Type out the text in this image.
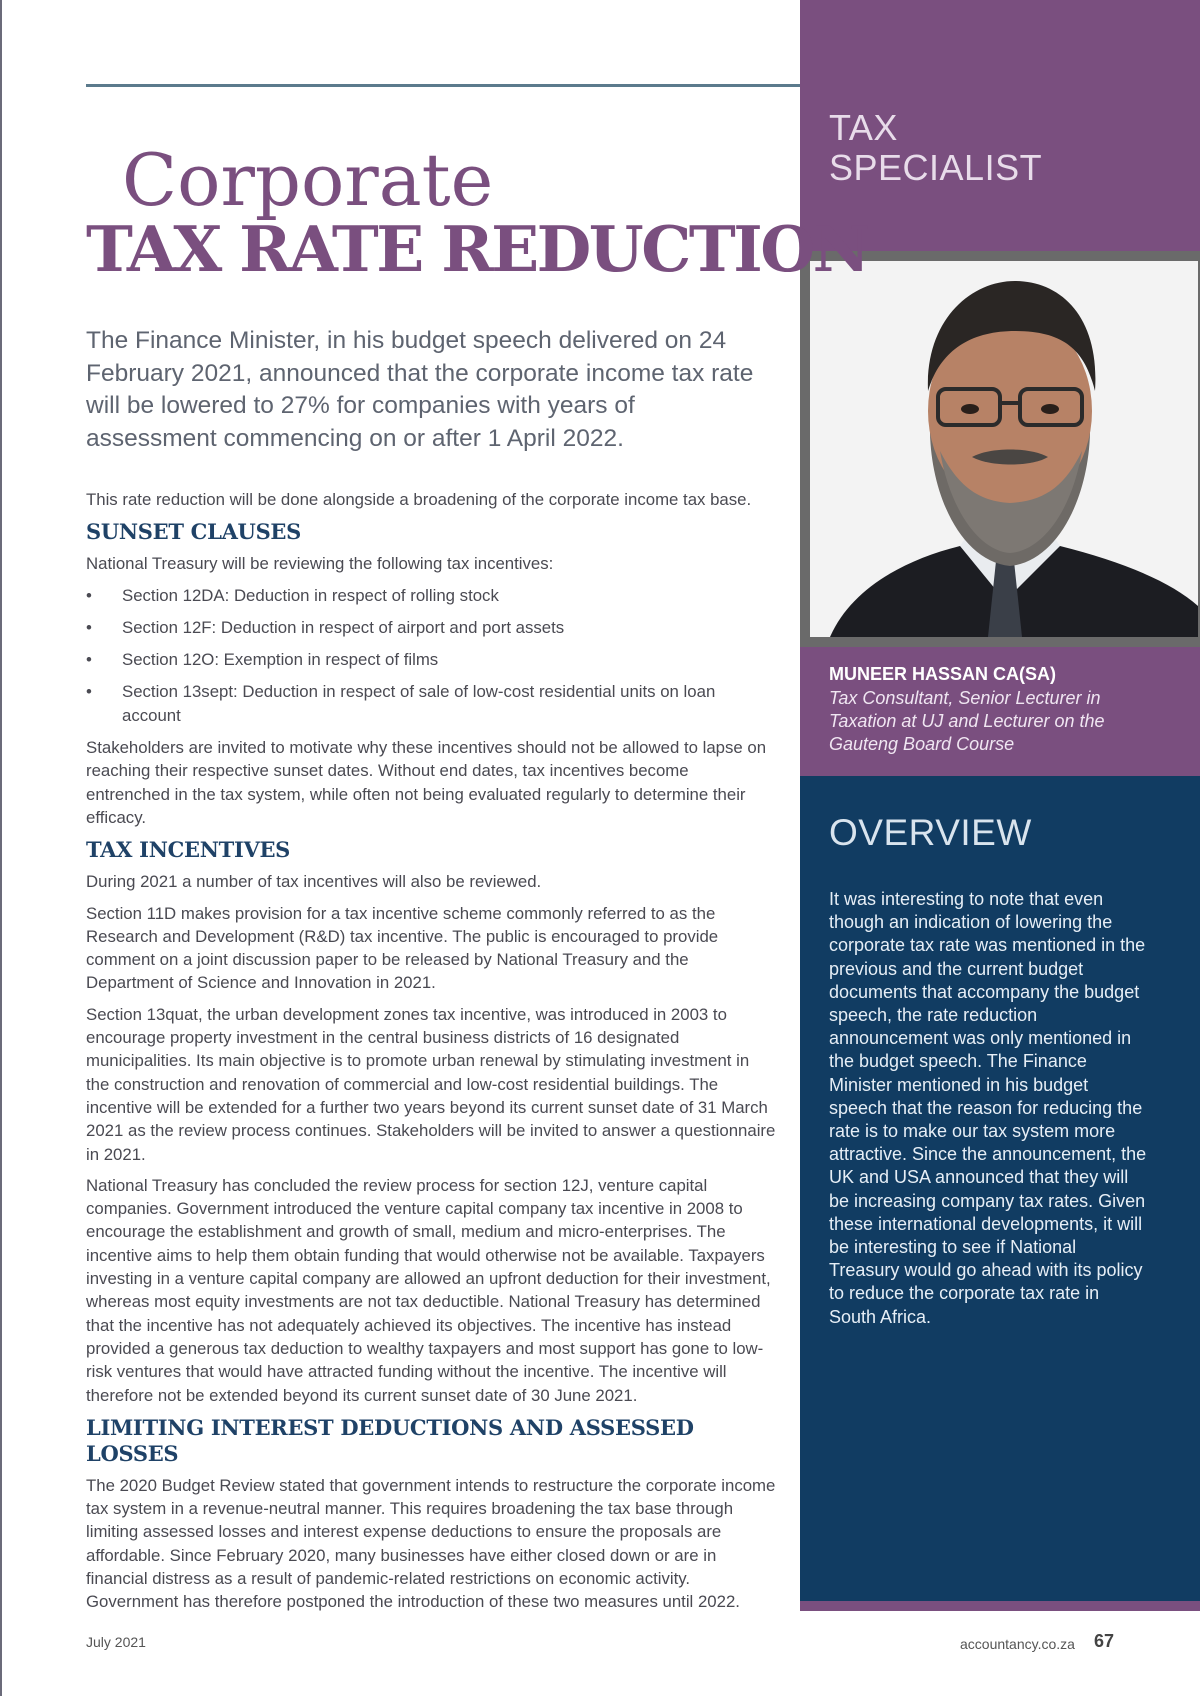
TAX
SPECIALIST
MUNEER HASSAN CA(SA)
Tax Consultant, Senior Lecturer in Taxation at UJ and Lecturer on the Gauteng Board Course
OVERVIEW
It was interesting to note that even though an indication of lowering the corporate tax rate was mentioned in the previous and the current budget documents that accompany the budget speech, the rate reduction announcement was only mentioned in the budget speech. The Finance Minister mentioned in his budget speech that the reason for reducing the rate is to make our tax system more attractive. Since the announcement, the UK and USA announced that they will be increasing company tax rates. Given these international developments, it will be interesting to see if National Treasury would go ahead with its policy to reduce the corporate tax rate in South Africa.
Corporate
TAX RATE REDUCTION
The Finance Minister, in his budget speech delivered on 24 February 2021, announced that the corporate income tax rate will be lowered to 27% for companies with years of assessment commencing on or after 1 April 2022.

This rate reduction will be done alongside a broadening of the corporate income tax base.

SUNSET CLAUSES

National Treasury will be reviewing the following tax incentives:

• Section 12DA: Deduction in respect of rolling stock
• Section 12F: Deduction in respect of airport and port assets
• Section 12O: Exemption in respect of films
• Section 13sept: Deduction in respect of sale of low-cost residential units on loan account

Stakeholders are invited to motivate why these incentives should not be allowed to lapse on reaching their respective sunset dates. Without end dates, tax incentives become entrenched in the tax system, while often not being evaluated regularly to determine their efficacy.

TAX INCENTIVES

During 2021 a number of tax incentives will also be reviewed.

Section 11D makes provision for a tax incentive scheme commonly referred to as the Research and Development (R&D) tax incentive. The public is encouraged to provide comment on a joint discussion paper to be released by National Treasury and the Department of Science and Innovation in 2021.

Section 13quat, the urban development zones tax incentive, was introduced in 2003 to encourage property investment in the central business districts of 16 designated municipalities. Its main objective is to promote urban renewal by stimulating investment in the construction and renovation of commercial and low-cost residential buildings. The incentive will be extended for a further two years beyond its current sunset date of 31 March 2021 as the review process continues. Stakeholders will be invited to answer a questionnaire in 2021.

National Treasury has concluded the review process for section 12J, venture capital companies. Government introduced the venture capital company tax incentive in 2008 to encourage the establishment and growth of small, medium and micro-enterprises. The incentive aims to help them obtain funding that would otherwise not be available. Taxpayers investing in a venture capital company are allowed an upfront deduction for their investment, whereas most equity investments are not tax deductible. National Treasury has determined that the incentive has not adequately achieved its objectives. The incentive has instead provided a generous tax deduction to wealthy taxpayers and most support has gone to low-risk ventures that would have attracted funding without the incentive. The incentive will therefore not be extended beyond its current sunset date of 30 June 2021.

LIMITING INTEREST DEDUCTIONS AND ASSESSED LOSSES

The 2020 Budget Review stated that government intends to restructure the corporate income tax system in a revenue-neutral manner. This requires broadening the tax base through limiting assessed losses and interest expense deductions to ensure the proposals are affordable. Since February 2020, many businesses have either closed down or are in financial distress as a result of pandemic-related restrictions on economic activity. Government has therefore postponed the introduction of these two measures until 2022.

July 2021	accountancy.co.za 67
